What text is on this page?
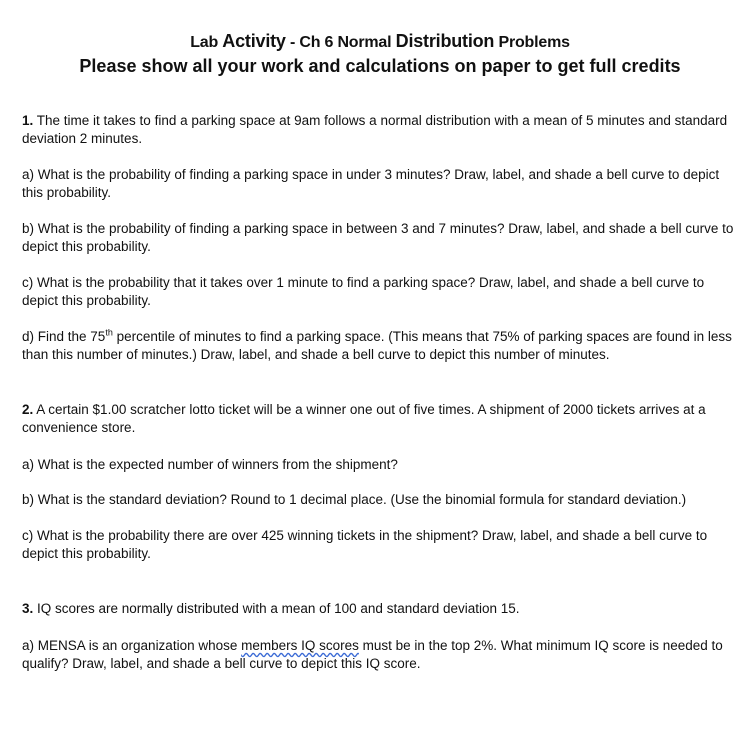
Lab Activity - Ch 6 Normal Distribution Problems
Please show all your work and calculations on paper to get full credits

1. The time it takes to find a parking space at 9am follows a normal distribution with a mean of 5 minutes and standard deviation 2 minutes.

a) What is the probability of finding a parking space in under 3 minutes? Draw, label, and shade a bell curve to depict this probability.

b) What is the probability of finding a parking space in between 3 and 7 minutes? Draw, label, and shade a bell curve to depict this probability.

c) What is the probability that it takes over 1 minute to find a parking space? Draw, label, and shade a bell curve to depict this probability.

d) Find the 75th percentile of minutes to find a parking space. (This means that 75% of parking spaces are found in less than this number of minutes.) Draw, label, and shade a bell curve to depict this number of minutes.

2. A certain $1.00 scratcher lotto ticket will be a winner one out of five times. A shipment of 2000 tickets arrives at a convenience store.

a) What is the expected number of winners from the shipment?

b) What is the standard deviation? Round to 1 decimal place. (Use the binomial formula for standard deviation.)

c) What is the probability there are over 425 winning tickets in the shipment? Draw, label, and shade a bell curve to depict this probability.

3. IQ scores are normally distributed with a mean of 100 and standard deviation 15.

a) MENSA is an organization whose members IQ scores must be in the top 2%. What minimum IQ score is needed to qualify? Draw, label, and shade a bell curve to depict this IQ score.
